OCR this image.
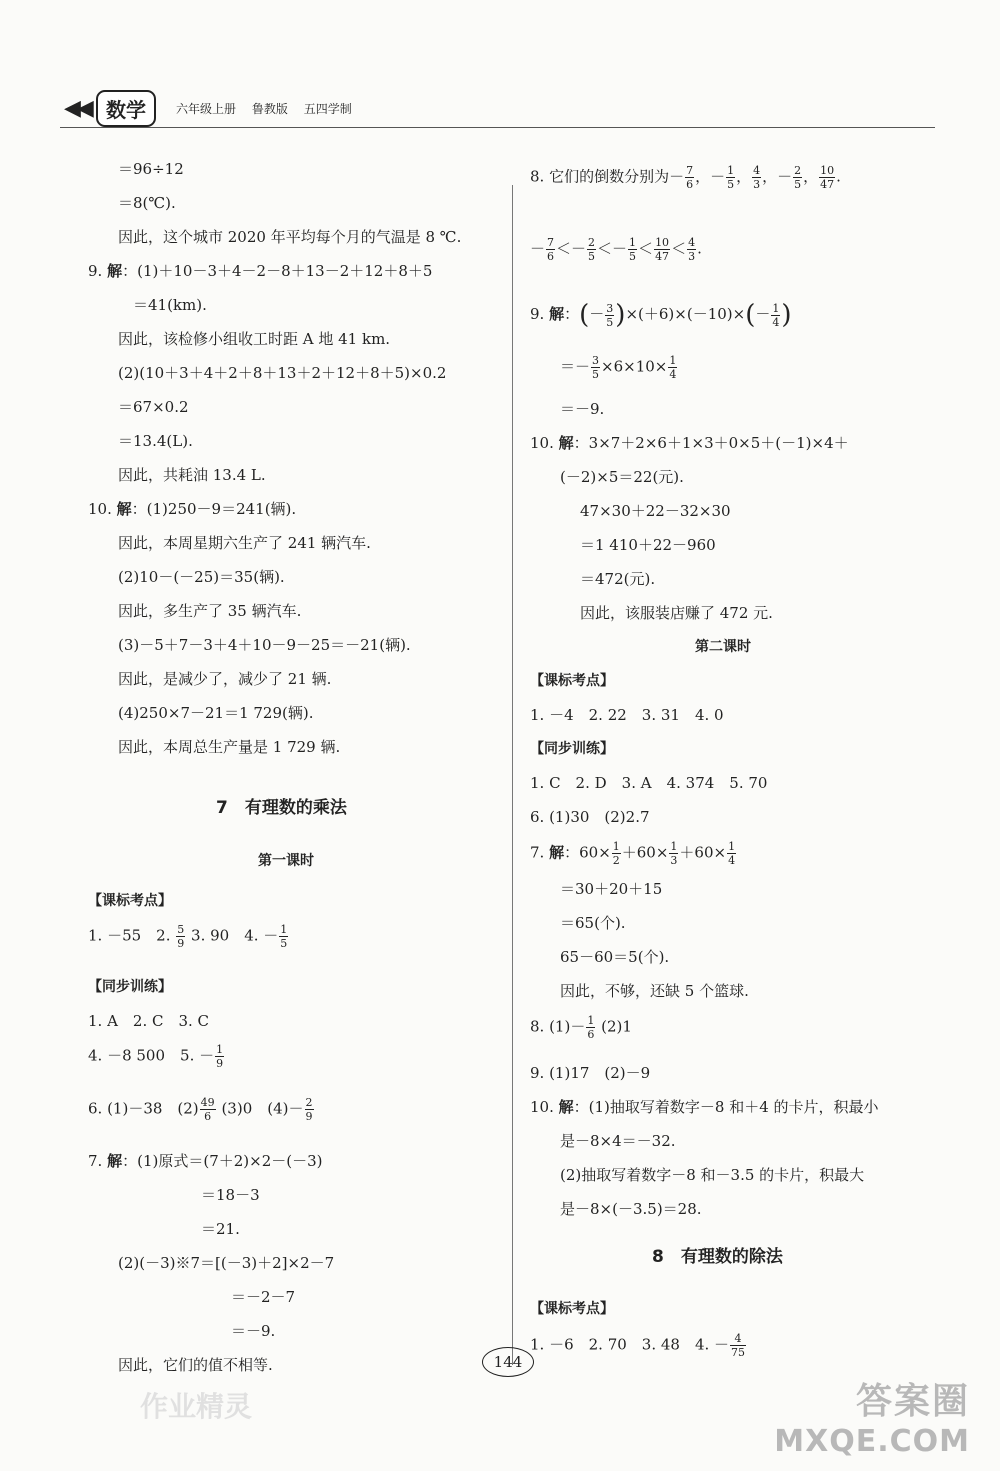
◀◀ 数学	六年级上册 鲁教版 五四学制
＝96÷12
＝8(℃).
因此，这个城市 2020 年平均每个月的气温是 8 ℃.
9. 解：(1)＋10－3＋4－2－8＋13－2＋12＋8＋5
＝41(km).
因此，该检修小组收工时距 A 地 41 km.
(2)(10＋3＋4＋2＋8＋13＋2＋12＋8＋5)×0.2
＝67×0.2
＝13.4(L).
因此，共耗油 13.4 L.
10. 解：(1)250－9＝241(辆).
因此，本周星期六生产了 241 辆汽车.
(2)10－(－25)＝35(辆).
因此，多生产了 35 辆汽车.
(3)－5＋7－3＋4＋10－9－25＝－21(辆).
因此，是减少了，减少了 21 辆.
(4)250×7－21＝1 729(辆).
因此，本周总生产量是 1 729 辆.
7　有理数的乘法
第一课时
【课标考点】
1. －55　2. $\frac{5}{9} 3$. 90　4. － $\frac{1}{5}$
【同步训练】
1. A　2. C　3. C
4. －8 500　5. － $\frac{1}{9}$
6. (1)－38　$(2) \frac{49}{6} (3)0$　$(4)- \frac{2}{9}$
7. 解：(1)原式＝(7＋2)×2－(－3)
＝18－3
＝21.
(2)(－3)※7＝[(－3)＋2]×2－7
＝－2－7
＝－9.
因此，它们的值不相等.
8. 它们的倒数分别为－ $\frac{7}{6}$ ，－ $\frac{1}{5}$ ， $\frac{4}{3}$ ，－ $\frac{2}{5}$ ， $\frac{10}{47}$ .
－ $\frac{7}{6} <- \frac{2}{5} <- \frac{1}{5} < \frac{10}{47} < \frac{4}{3}$ .
9. 解：(－ $\frac{3}{5} )\times(+6)\times(-10)\times(- \frac{1}{4}$ )
＝－ $\frac{3}{5} \times 6\times 10\times \frac{1}{4}$
＝－9.
10. 解：3×7＋2×6＋1×3＋0×5＋(－1)×4＋
(－2)×5＝22(元).
47×30＋22－32×30
＝1 410＋22－960
＝472(元).
因此，该服装店赚了 472 元.
第二课时
【课标考点】
1. －4　2. 22　3. 31　4. 0
【同步训练】
1. C　2. D　3. A　4. 374　5. 70
6. (1)30　(2)2.7
7. 解：$60\times \frac{1}{2} +60\times \frac{1}{3} +60\times \frac{1}{4}$
＝30＋20＋15
＝65(个).
65－60＝5(个).
因此，不够，还缺 5 个篮球.
8. $(1)- \frac{1}{6} (2)1$
9. (1)17　(2)－9
10. 解：(1)抽取写着数字－8 和＋4 的卡片，积最小
是－8×4＝－32.
(2)抽取写着数字－8 和－3.5 的卡片，积最大
是－8×(－3.5)＝28.
8　有理数的除法
【课标考点】
1. －6　2. 70　3. 48　4. － $\frac{4}{75}$
作业精灵
144
答案圈
MXQE.COM
